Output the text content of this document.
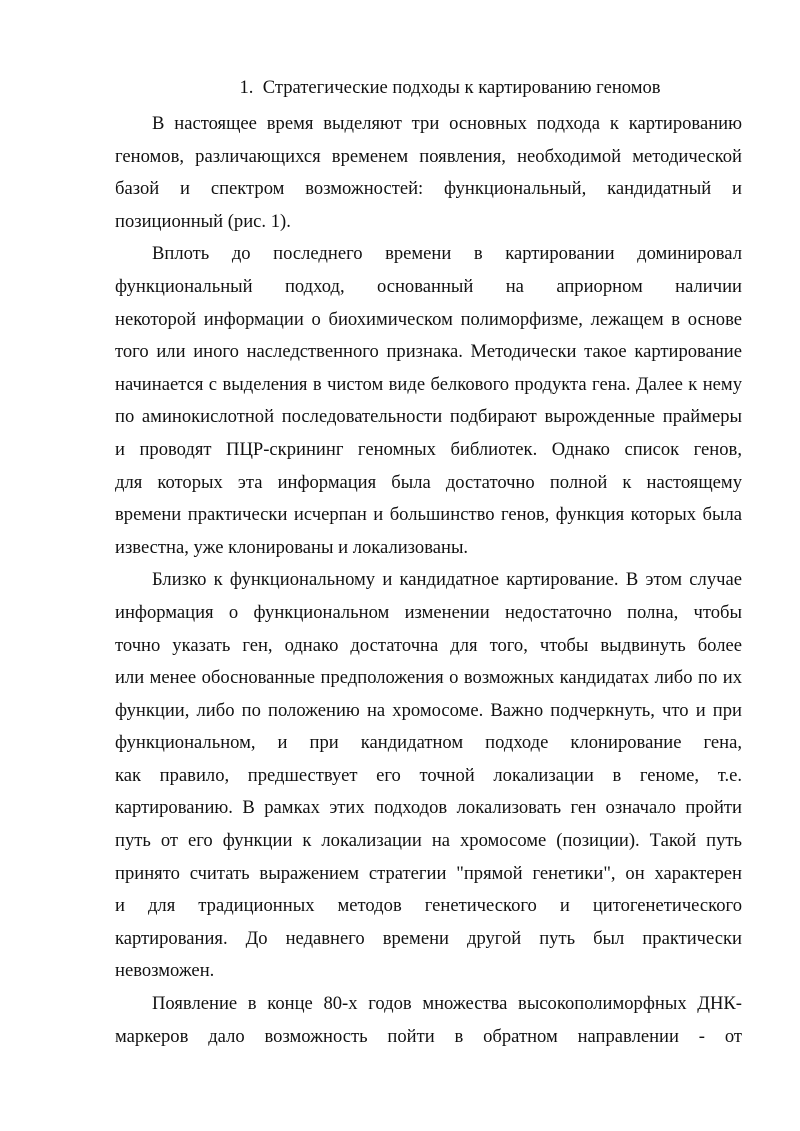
1. Стратегические подходы к картированию геномов
В настоящее время выделяют три основных подхода к картированию
геномов, различающихся временем появления, необходимой методической
базой и спектром возможностей: функциональный, кандидатный и
позиционный (рис. 1).
Вплоть до последнего времени в картировании доминировал
функциональный подход, основанный на априорном наличии
некоторой информации о биохимическом полиморфизме, лежащем в основе
того или иного наследственного признака. Методически такое картирование
начинается с выделения в чистом виде белкового продукта гена. Далее к нему
по аминокислотной последовательности подбирают вырожденные праймеры
и проводят ПЦР-скрининг геномных библиотек. Однако список генов,
для которых эта информация была достаточно полной к настоящему
времени практически исчерпан и большинство генов, функция которых была
известна, уже клонированы и локализованы.
Близко к функциональному и кандидатное картирование. В этом случае
информация о функциональном изменении недостаточно полна, чтобы
точно указать ген, однако достаточна для того, чтобы выдвинуть более
или менее обоснованные предположения о возможных кандидатах либо по их
функции, либо по положению на хромосоме. Важно подчеркнуть, что и при
функциональном, и при кандидатном подходе клонирование гена,
как правило, предшествует его точной локализации в геноме, т.е.
картированию. В рамках этих подходов локализовать ген означало пройти
путь от его функции к локализации на хромосоме (позиции). Такой путь
принято считать выражением стратегии "прямой генетики", он характерен
и для традиционных методов генетического и цитогенетического
картирования. До недавнего времени другой путь был практически
невозможен.
Появление в конце 80-х годов множества высокополиморфных ДНК-
маркеров дало возможность пойти в обратном направлении - от
